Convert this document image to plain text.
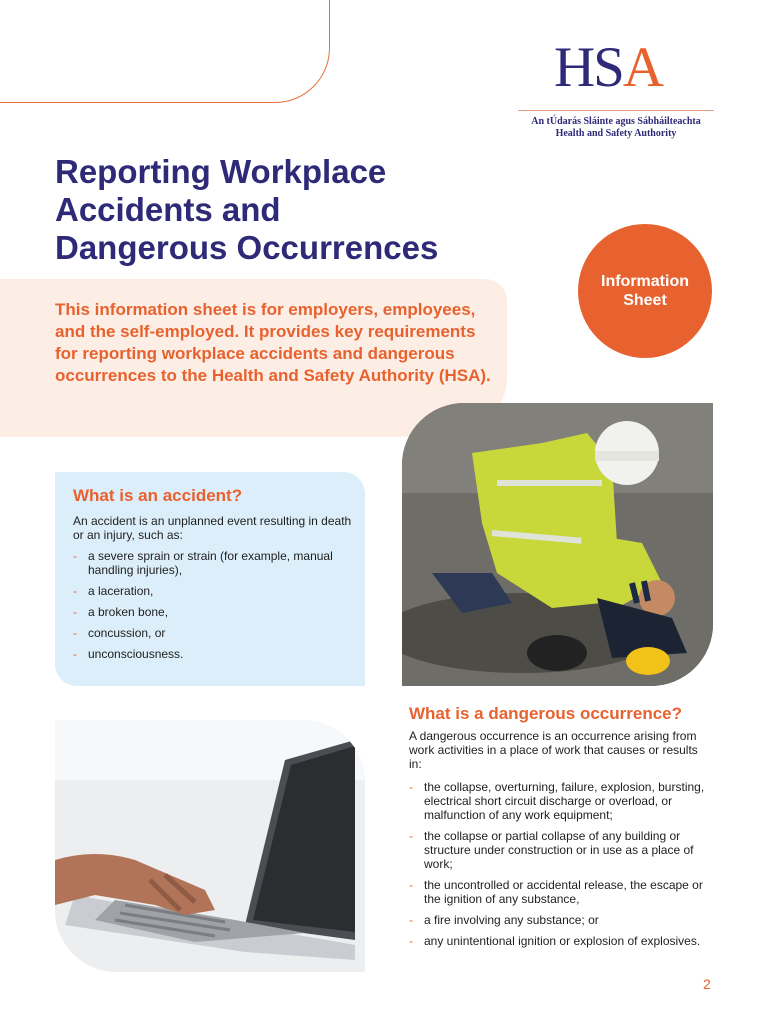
HSA
An tÚdarás Sláinte agus Sábháilteachta
Health and Safety Authority
Reporting Workplace
Accidents and
Dangerous Occurrences
Information
Sheet

This information sheet is for employers, employees, and the self-employed. It provides key requirements for reporting workplace accidents and dangerous occurrences to the Health and Safety Authority (HSA).

What is an accident?

An accident is an unplanned event resulting in death or an injury, such as:

- a severe sprain or strain (for example, manual handling injuries),
- a laceration,
- a broken bone,
- concussion, or
- unconsciousness.
What is a dangerous occurrence?

A dangerous occurrence is an occurrence arising from work activities in a place of work that causes or results in:

- the collapse, overturning, failure, explosion, bursting, electrical short circuit discharge or overload, or malfunction of any work equipment;
- the collapse or partial collapse of any building or structure under construction or in use as a place of work;
- the uncontrolled or accidental release, the escape or the ignition of any substance,
- a fire involving any substance; or
- any unintentional ignition or explosion of explosives.
2
